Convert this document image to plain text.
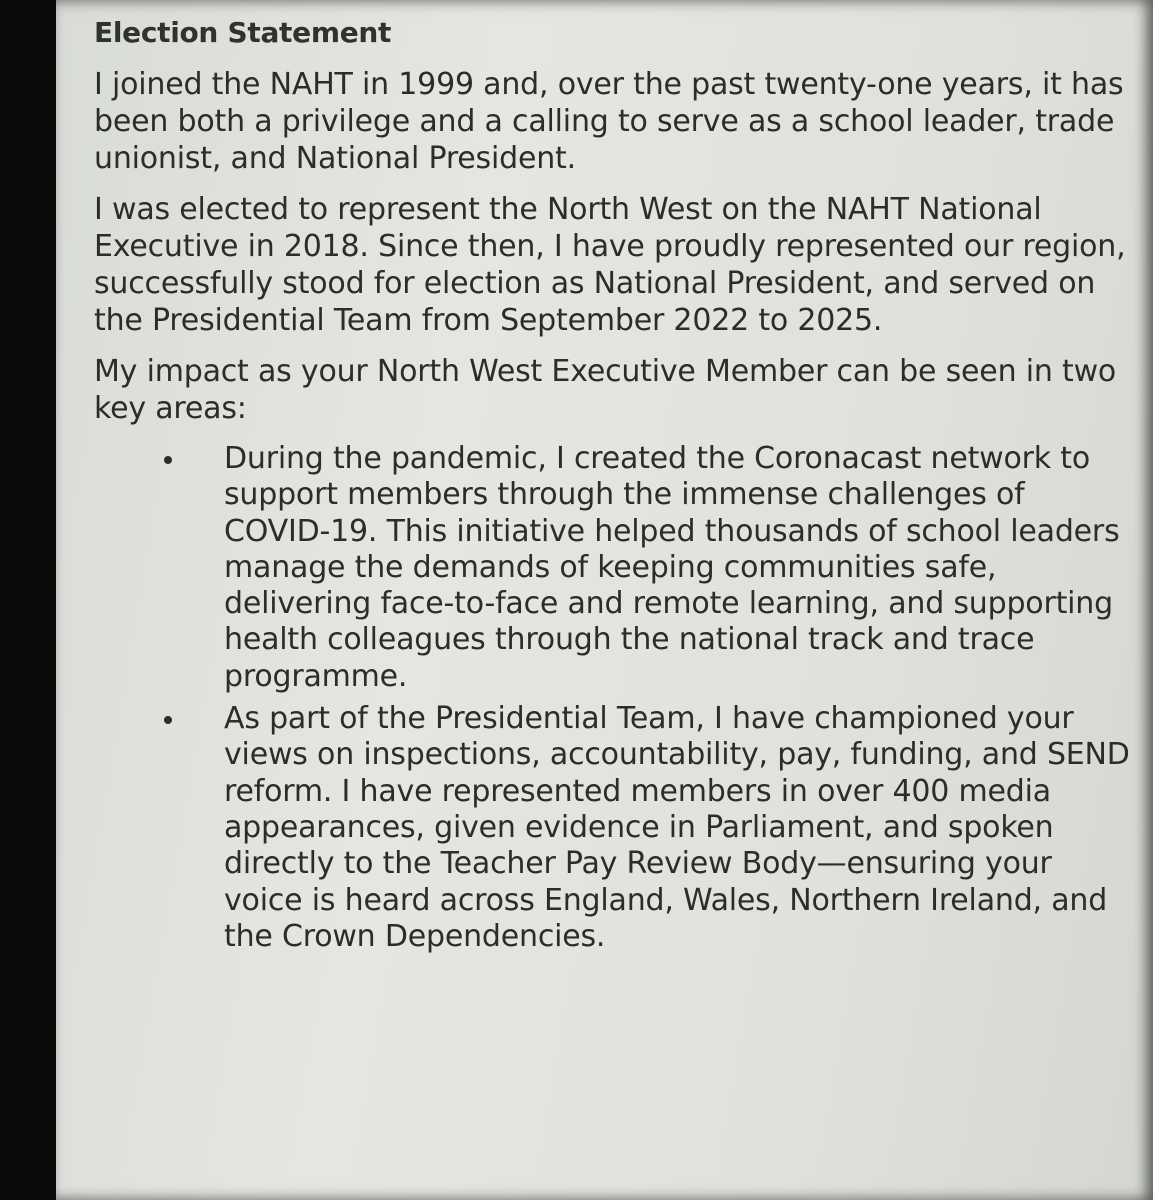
Election Statement

I joined the NAHT in 1999 and, over the past twenty-one years, it has been both a privilege and a calling to serve as a school leader, trade unionist, and National President.

I was elected to represent the North West on the NAHT National Executive in 2018. Since then, I have proudly represented our region, successfully stood for election as National President, and served on the Presidential Team from September 2022 to 2025.

My impact as your North West Executive Member can be seen in two key areas:

During the pandemic, I created the Coronacast network to support members through the immense challenges of COVID-19. This initiative helped thousands of school leaders manage the demands of keeping communities safe, delivering face-to-face and remote learning, and supporting health colleagues through the national track and trace programme.
As part of the Presidential Team, I have championed your views on inspections, accountability, pay, funding, and SEND reform. I have represented members in over 400 media appearances, given evidence in Parliament, and spoken directly to the Teacher Pay Review Body—ensuring your voice is heard across England, Wales, Northern Ireland, and the Crown Dependencies.
